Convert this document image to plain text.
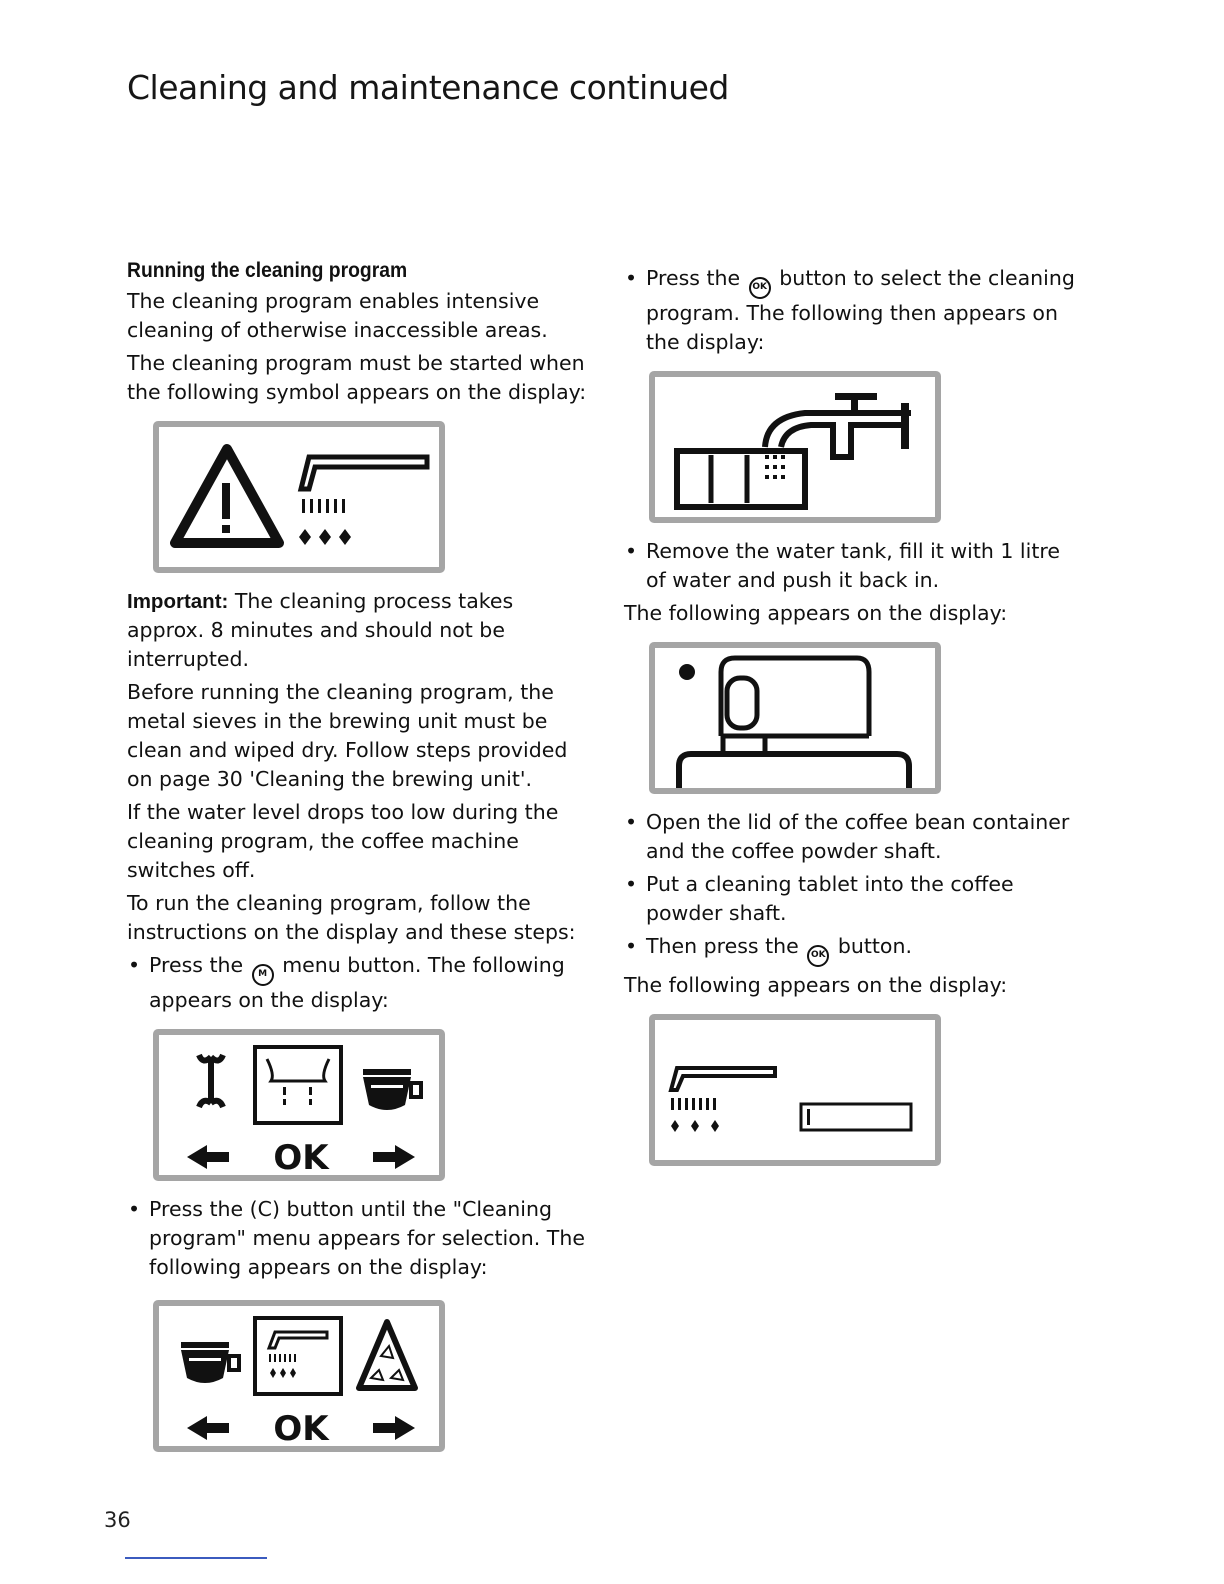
Cleaning and maintenance continued
Running the cleaning program

The cleaning program enables intensive cleaning of otherwise inaccessible areas.

The cleaning program must be started when the following symbol appears on the display:

Important: The cleaning process takes approx. 8 minutes and should not be interrupted.

Before running the cleaning program, the metal sieves in the brewing unit must be clean and wiped dry. Follow steps provided on page 30 'Cleaning the brewing unit'.

If the water level drops too low during the cleaning program, the coffee machine switches off.

To run the cleaning program, follow the instructions on the display and these steps:

• Press the M menu button. The following appears on the display:
OK
• Press the (C) button until the "Cleaning program" menu appears for selection. The following appears on the display:
OK
• Press the OK button to select the cleaning program. The following then appears on the display:
• Remove the water tank, fill it with 1 litre of water and push it back in.

The following appears on the display:

• Open the lid of the coffee bean container and the coffee powder shaft.
• Put a cleaning tablet into the coffee powder shaft.
• Then press the OK button.

The following appears on the display:

36
